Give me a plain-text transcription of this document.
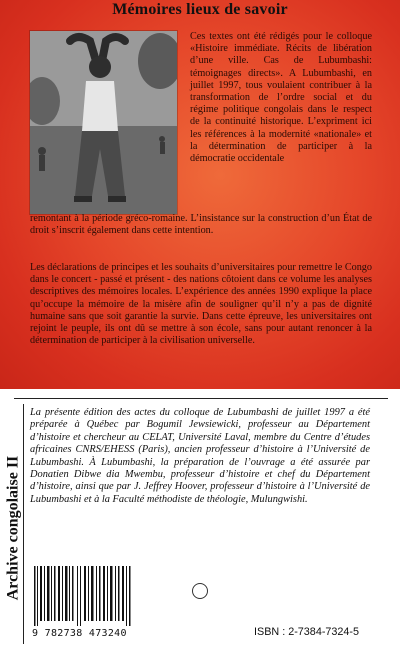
Mémoires lieux de savoir
Ces textes ont été rédigés pour le colloque «Histoire immédiate. Récits de libération d’une ville. Cas de Lubumbashi: témoignages directs». A Lubumbashi, en juillet 1997, tous voulaient contribuer à la transformation de l’ordre social et du régime politique congolais dans le respect de la continuité historique. L’expriment ici les références à la modernité «nationale» et la détermination de participer à la démocratie occidentale
remontant à la période gréco-romaine. L’insistance sur la construction d’un État de droit s’inscrit également dans cette intention.
Les déclarations de principes et les souhaits d’universitaires pour remettre le Congo dans le concert - passé et présent - des nations côtoient dans ce volume les analyses descriptives des mémoires locales. L’expérience des années 1990 explique la place qu’occupe la mémoire de la misère afin de souligner qu’il n’y a pas de dignité humaine sans que soit garantie la survie. Dans cette épreuve, les universitaires ont rejoint le peuple, ils ont dû se mettre à son école, sans pour autant renoncer à la détermination de participer à la civilisation universelle.
Archive congolaise II
La présente édition des actes du colloque de Lubumbashi de juillet 1997 a été préparée à Québec par Bogumil Jewsiewicki, professeur au Département d’histoire et chercheur au CELAT, Université Laval, membre du Centre d’études africaines CNRS/EHESS (Paris), ancien professeur d’histoire à l’Université de Lubumbashi. À Lubumbashi, la préparation de l’ouvrage a été assurée par Donatien Dibwe dia Mwembu, professeur d’histoire et chef du Département d’histoire, ainsi que par J. Jeffrey Hoover, professeur d’histoire à l’Université de Lubumbashi et à la Faculté méthodiste de théologie, Mulungwishi.
9 782738 473240	ISBN : 2-7384-7324-5
